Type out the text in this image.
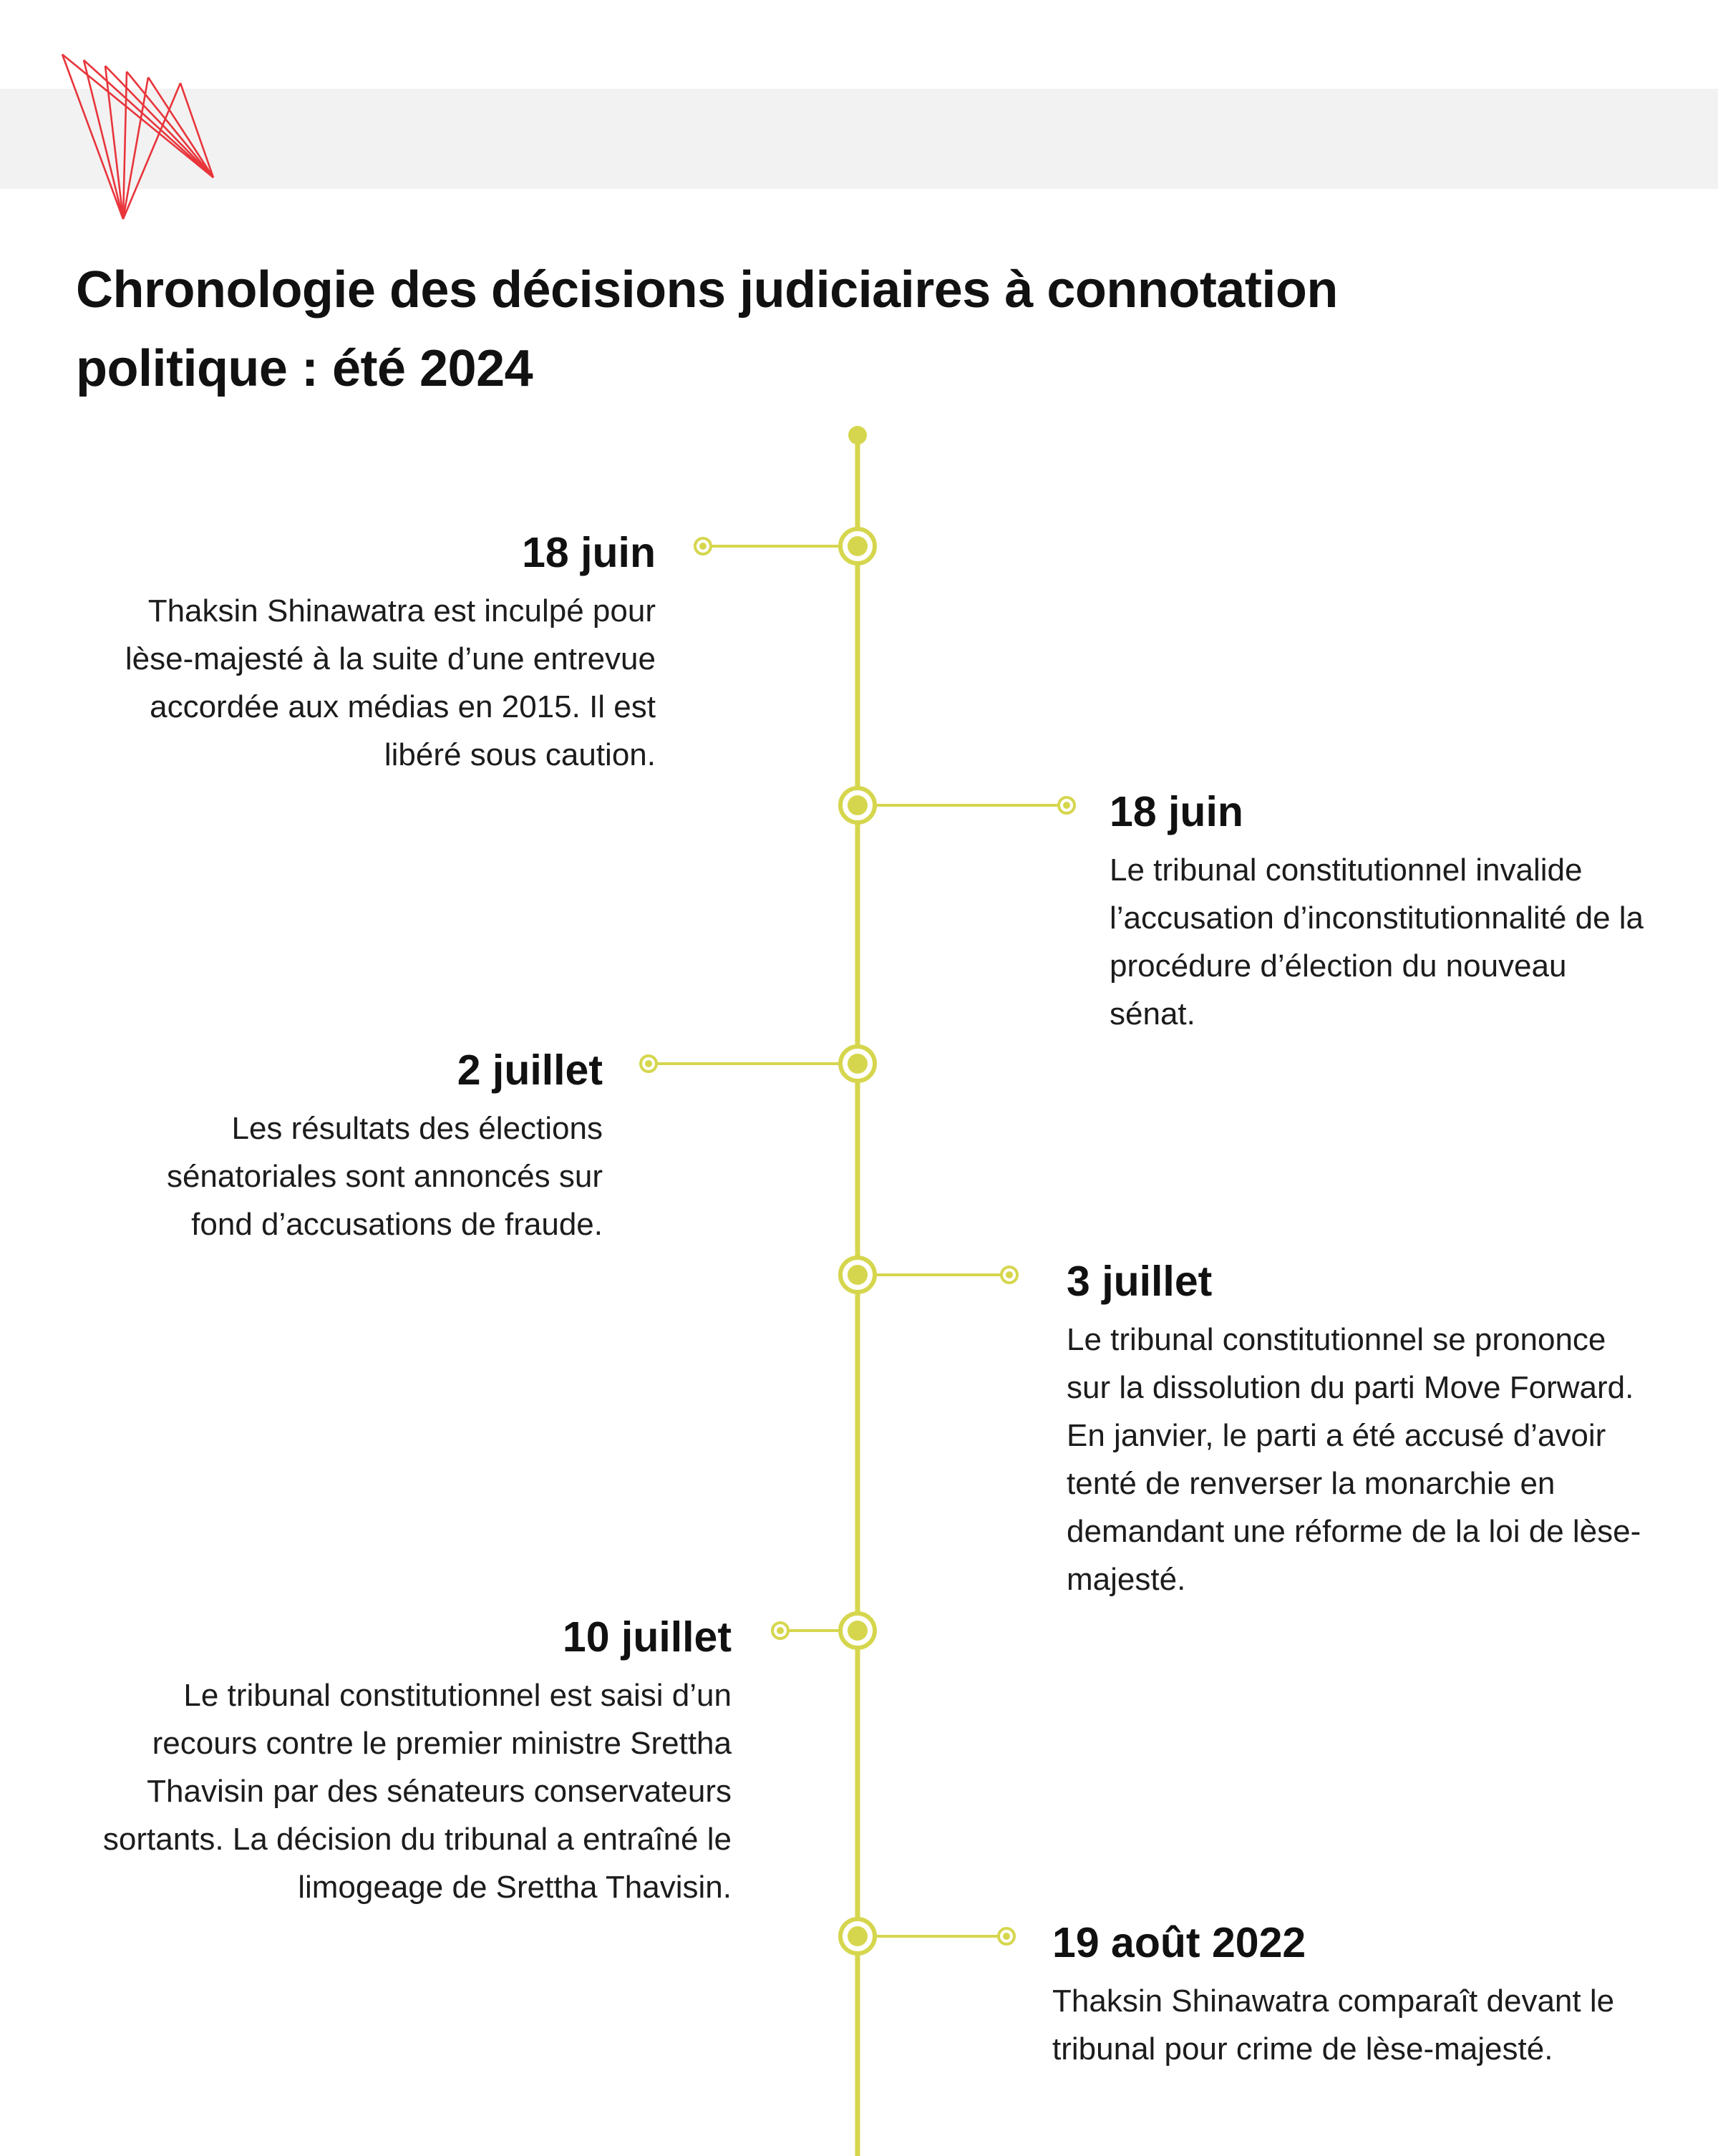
Chronologie des décisions judiciaires à connotation politique : été 2024

18 juin

Thaksin Shinawatra est inculpé pour lèse-majesté à la suite d’une entrevue accordée aux médias en 2015. Il est libéré sous caution.

18 juin

Le tribunal constitutionnel invalide l’accusation d’inconstitutionnalité de la procédure d’élection du nouveau sénat.

2 juillet

Les résultats des élections sénatoriales sont annoncés sur fond d’accusations de fraude.

3 juillet

Le tribunal constitutionnel se prononce sur la dissolution du parti Move Forward. En janvier, le parti a été accusé d’avoir tenté de renverser la monarchie en demandant une réforme de la loi de lèse-majesté.

10 juillet

Le tribunal constitutionnel est saisi d’un recours contre le premier ministre Srettha Thavisin par des sénateurs conservateurs sortants. La décision du tribunal a entraîné le limogeage de Srettha Thavisin.

19 août 2022

Thaksin Shinawatra comparaît devant le tribunal pour crime de lèse-majesté.
